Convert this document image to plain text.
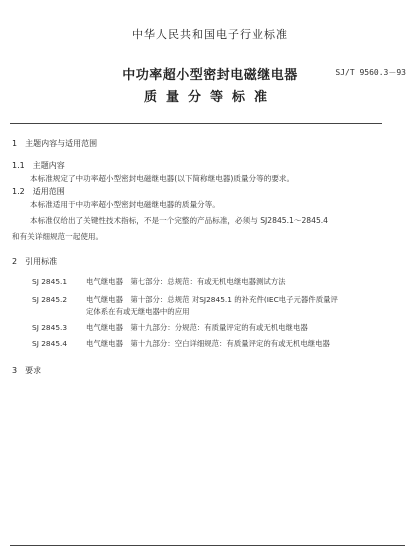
中华人民共和国电子行业标准
SJ/T 9560.3－93
中功率超小型密封电磁继电器
质量分等标准
1　主题内容与适用范围
1.1　主题内容
本标准规定了中功率超小型密封电磁继电器(以下简称继电器)质量分等的要求。
1.2　适用范围
本标准适用于中功率超小型密封电磁继电器的质量分等。
本标准仅给出了关键性技术指标，不是一个完整的产品标准，必须与 SJ2845.1～2845.4
和有关详细规范一起使用。
2　引用标准
SJ 2845.1	电气继电器　第七部分：总规范：有或无机电继电器测试方法
SJ 2845.2	电气继电器　第十部分：总规范 对SJ2845.1 的补充件(IEC电子元器件质量评
定体系在有或无继电器中的应用
SJ 2845.3	电气继电器　第十九部分：分规范：有质量评定的有或无机电继电器
SJ 2845.4	电气继电器　第十九部分：空白详细规范：有质量评定的有或无机电继电器
3　要求
